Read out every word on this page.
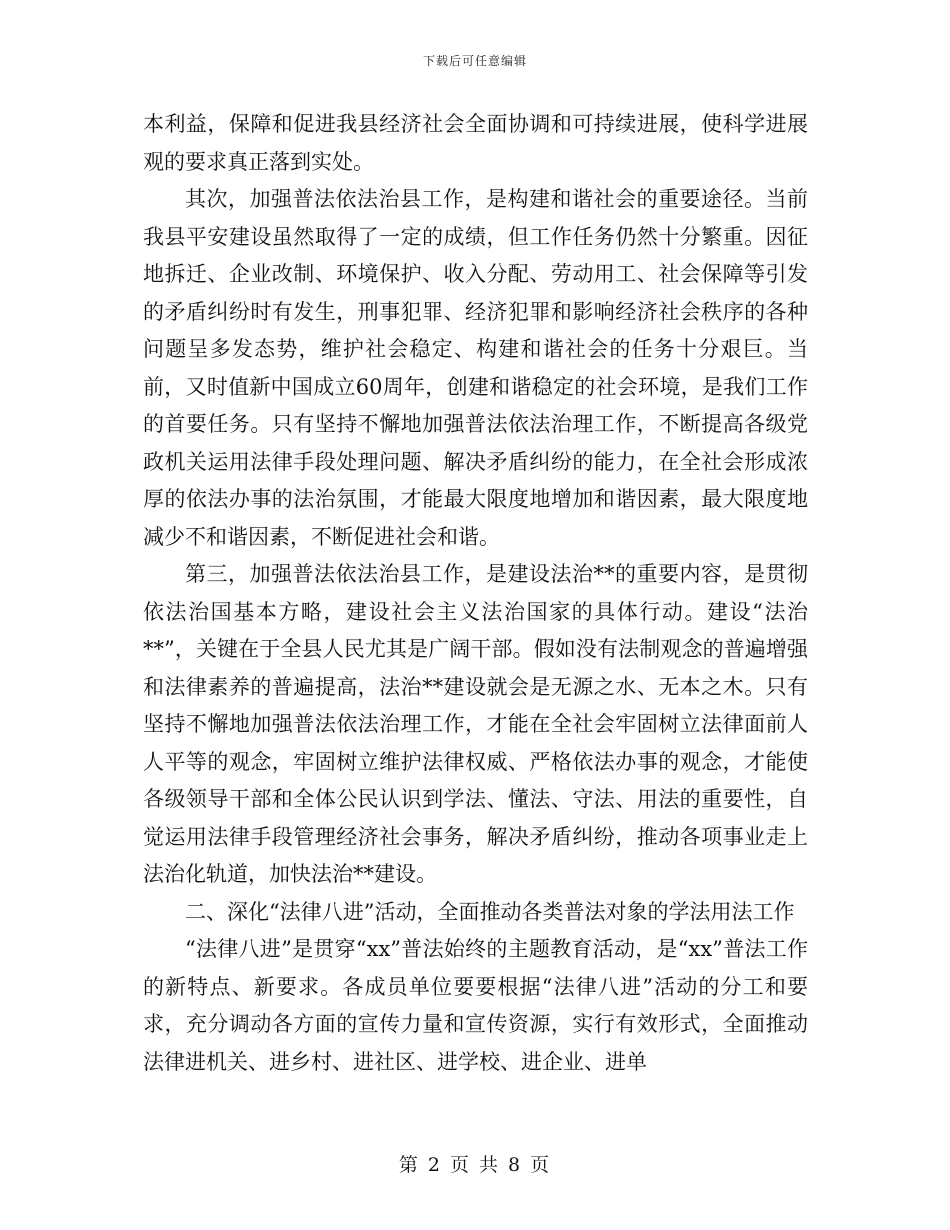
下载后可任意编辑

本利益，保障和促进我县经济社会全面协调和可持续进展，使科学进展观的要求真正落到实处。

其次，加强普法依法治县工作，是构建和谐社会的重要途径。当前我县平安建设虽然取得了一定的成绩，但工作任务仍然十分繁重。因征地拆迁、企业改制、环境保护、收入分配、劳动用工、社会保障等引发的矛盾纠纷时有发生，刑事犯罪、经济犯罪和影响经济社会秩序的各种问题呈多发态势，维护社会稳定、构建和谐社会的任务十分艰巨。当前，又时值新中国成立60周年，创建和谐稳定的社会环境，是我们工作的首要任务。只有坚持不懈地加强普法依法治理工作，不断提高各级党政机关运用法律手段处理问题、解决矛盾纠纷的能力，在全社会形成浓厚的依法办事的法治氛围，才能最大限度地增加和谐因素，最大限度地减少不和谐因素，不断促进社会和谐。

第三，加强普法依法治县工作，是建设法治**的重要内容，是贯彻依法治国基本方略，建设社会主义法治国家的具体行动。建设“法治**”，关键在于全县人民尤其是广阔干部。假如没有法制观念的普遍增强和法律素养的普遍提高，法治**建设就会是无源之水、无本之木。只有坚持不懈地加强普法依法治理工作，才能在全社会牢固树立法律面前人人平等的观念，牢固树立维护法律权威、严格依法办事的观念，才能使各级领导干部和全体公民认识到学法、懂法、守法、用法的重要性，自觉运用法律手段管理经济社会事务，解决矛盾纠纷，推动各项事业走上法治化轨道，加快法治**建设。

二、深化“法律八进”活动，全面推动各类普法对象的学法用法工作

“法律八进”是贯穿“xx”普法始终的主题教育活动，是“xx”普法工作的新特点、新要求。各成员单位要要根据“法律八进”活动的分工和要求，充分调动各方面的宣传力量和宣传资源，实行有效形式，全面推动法律进机关、进乡村、进社区、进学校、进企业、进单

第 2 页 共 8 页
